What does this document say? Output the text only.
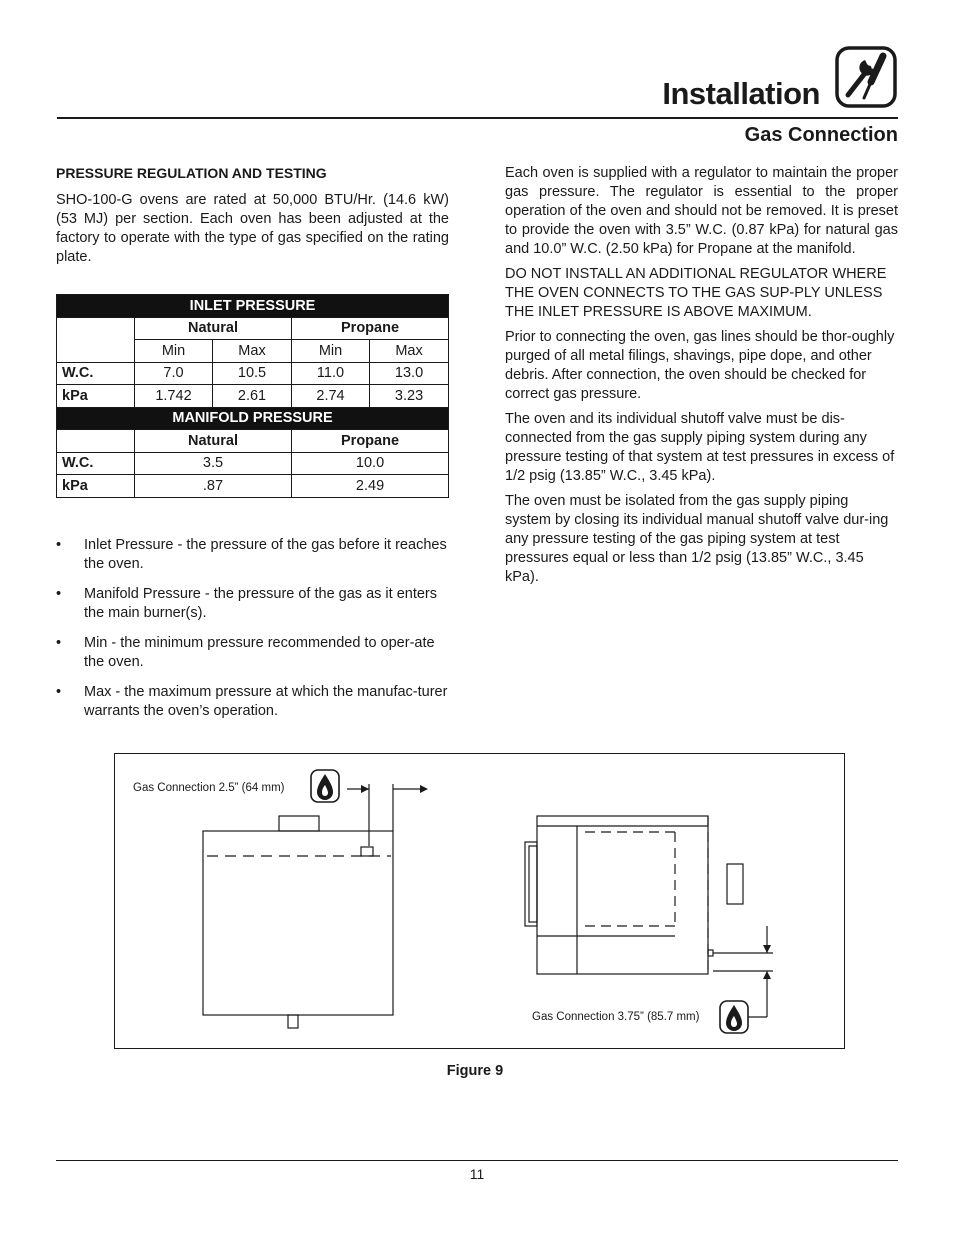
Installation
Gas Connection
PRESSURE REGULATION AND TESTING

SHO-100-G ovens are rated at 50,000 BTU/Hr. (14.6 kW) (53 MJ) per section. Each oven has been adjusted at the factory to operate with the type of gas specified on the rating plate.

INLET PRESSURE				
	Natural		Propane	
	Min	Max	Min	Max
W.C.	7.0	10.5	11.0	13.0
kPa	1.742	2.61	2.74	3.23
MANIFOLD PRESSURE				
	Natural		Propane	
W.C.	3.5		10.0	
kPa	.87		2.49	
• Inlet Pressure - the pressure of the gas before it reaches the oven.
• Manifold Pressure - the pressure of the gas as it enters the main burner(s).
• Min - the minimum pressure recommended to oper-ate the oven.
• Max - the maximum pressure at which the manufac-turer warrants the oven’s operation.

Each oven is supplied with a regulator to maintain the proper gas pressure. The regulator is essential to the proper operation of the oven and should not be removed. It is preset to provide the oven with 3.5” W.C. (0.87 kPa) for natural gas and 10.0” W.C. (2.50 kPa) for Propane at the manifold.

DO NOT INSTALL AN ADDITIONAL REGULATOR WHERE THE OVEN CONNECTS TO THE GAS SUP-PLY UNLESS THE INLET PRESSURE IS ABOVE MAXIMUM.

Prior to connecting the oven, gas lines should be thor-oughly purged of all metal filings, shavings, pipe dope, and other debris. After connection, the oven should be checked for correct gas pressure.

The oven and its individual shutoff valve must be dis-connected from the gas supply piping system during any pressure testing of that system at test pressures in excess of 1/2 psig (13.85” W.C., 3.45 kPa).

The oven must be isolated from the gas supply piping system by closing its individual manual shutoff valve dur-ing any pressure testing of the gas piping system at test pressures equal or less than 1/2 psig (13.85” W.C., 3.45 kPa).

Gas Connection 2.5” (64 mm)
Gas Connection 3.75” (85.7 mm)
Figure 9
11
